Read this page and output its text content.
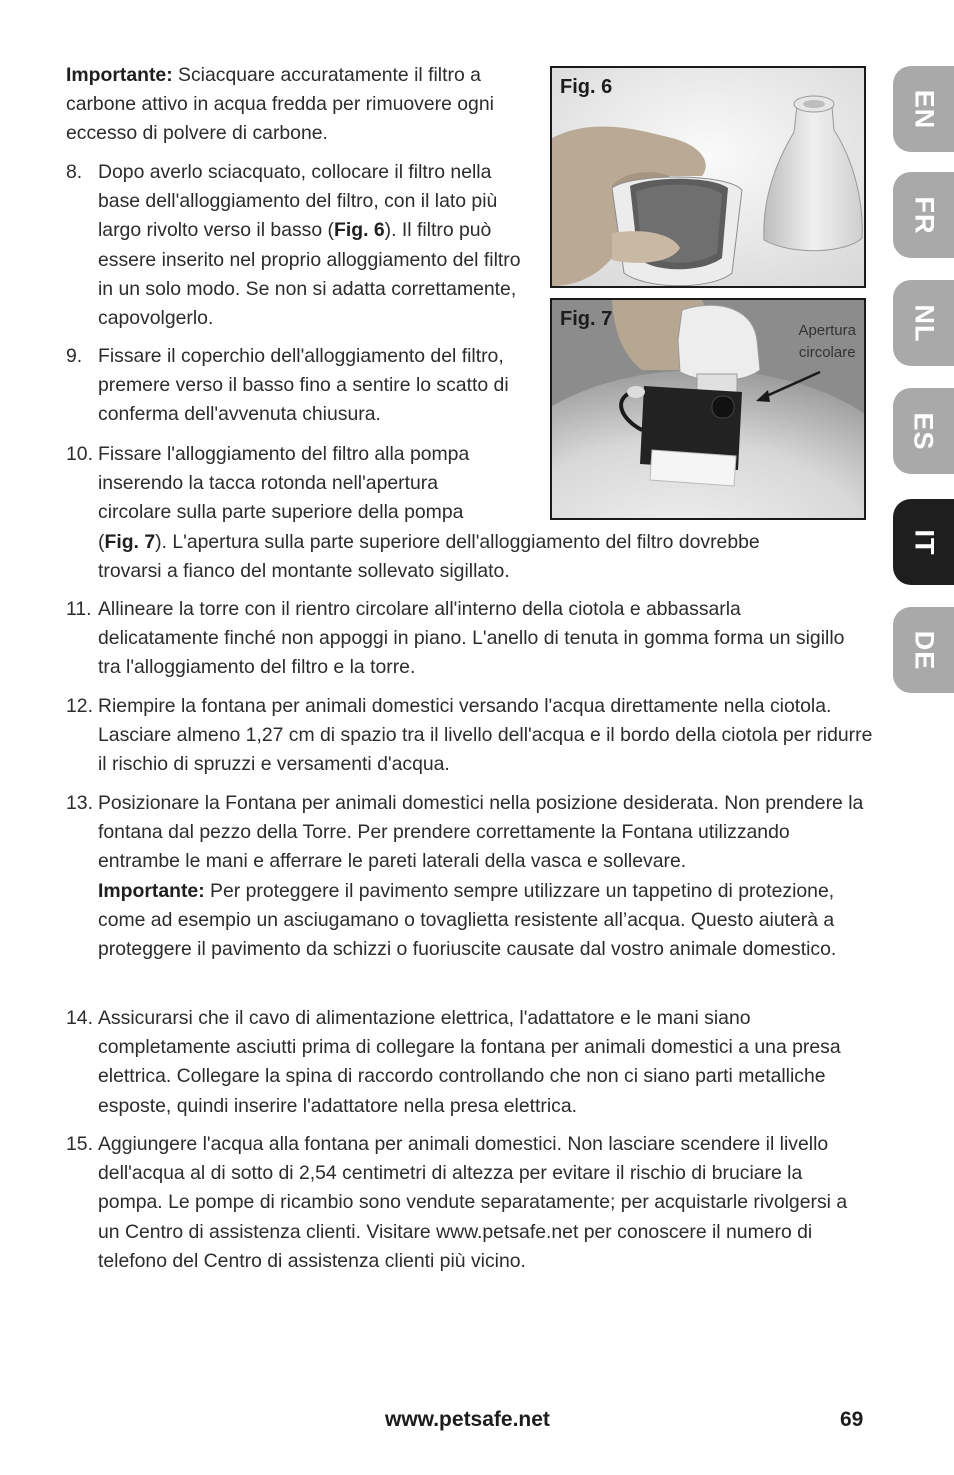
Importante: Sciacquare accuratamente il filtro a carbone attivo in acqua fredda per rimuovere ogni eccesso di polvere di carbone.
8. Dopo averlo sciacquato, collocare il filtro nella base dell'alloggiamento del filtro, con il lato più largo rivolto verso il basso (Fig. 6). Il filtro può essere inserito nel proprio alloggiamento del filtro in un solo modo. Se non si adatta correttamente, capovolgerlo.
9. Fissare il coperchio dell'alloggiamento del filtro, premere verso il basso fino a sentire lo scatto di conferma dell'avvenuta chiusura.
10. Fissare l'alloggiamento del filtro alla pompa inserendo la tacca rotonda nell'apertura circolare sulla parte superiore della pompa
(Fig. 7). L'apertura sulla parte superiore dell'alloggiamento del filtro dovrebbe trovarsi a fianco del montante sollevato sigillato.
11. Allineare la torre con il rientro circolare all'interno della ciotola e abbassarla delicatamente finché non appoggi in piano. L'anello di tenuta in gomma forma un sigillo tra l'alloggiamento del filtro e la torre.
12. Riempire la fontana per animali domestici versando l'acqua direttamente nella ciotola. Lasciare almeno 1,27 cm di spazio tra il livello dell'acqua e il bordo della ciotola per ridurre il rischio di spruzzi e versamenti d'acqua.
13. Posizionare la Fontana per animali domestici nella posizione desiderata. Non prendere la fontana dal pezzo della Torre. Per prendere correttamente la Fontana utilizzando entrambe le mani e afferrare le pareti laterali della vasca e sollevare.
Importante: Per proteggere il pavimento sempre utilizzare un tappetino di protezione, come ad esempio un asciugamano o tovaglietta resistente all’acqua. Questo aiuterà a proteggere il pavimento da schizzi o fuoriuscite causate dal vostro animale domestico.
14. Assicurarsi che il cavo di alimentazione elettrica, l'adattatore e le mani siano completamente asciutti prima di collegare la fontana per animali domestici a una presa elettrica. Collegare la spina di raccordo controllando che non ci siano parti metalliche esposte, quindi inserire l'adattatore nella presa elettrica.
15. Aggiungere l'acqua alla fontana per animali domestici. Non lasciare scendere il livello dell'acqua al di sotto di 2,54 centimetri di altezza per evitare il rischio di bruciare la pompa. Le pompe di ricambio sono vendute separatamente; per acquistarle rivolgersi a un Centro di assistenza clienti. Visitare www.petsafe.net per conoscere il numero di telefono del Centro di assistenza clienti più vicino.
Fig. 6
Fig. 7
Apertura
circolare
EN
FR
NL
ES
IT
DE
www.petsafe.net	69
